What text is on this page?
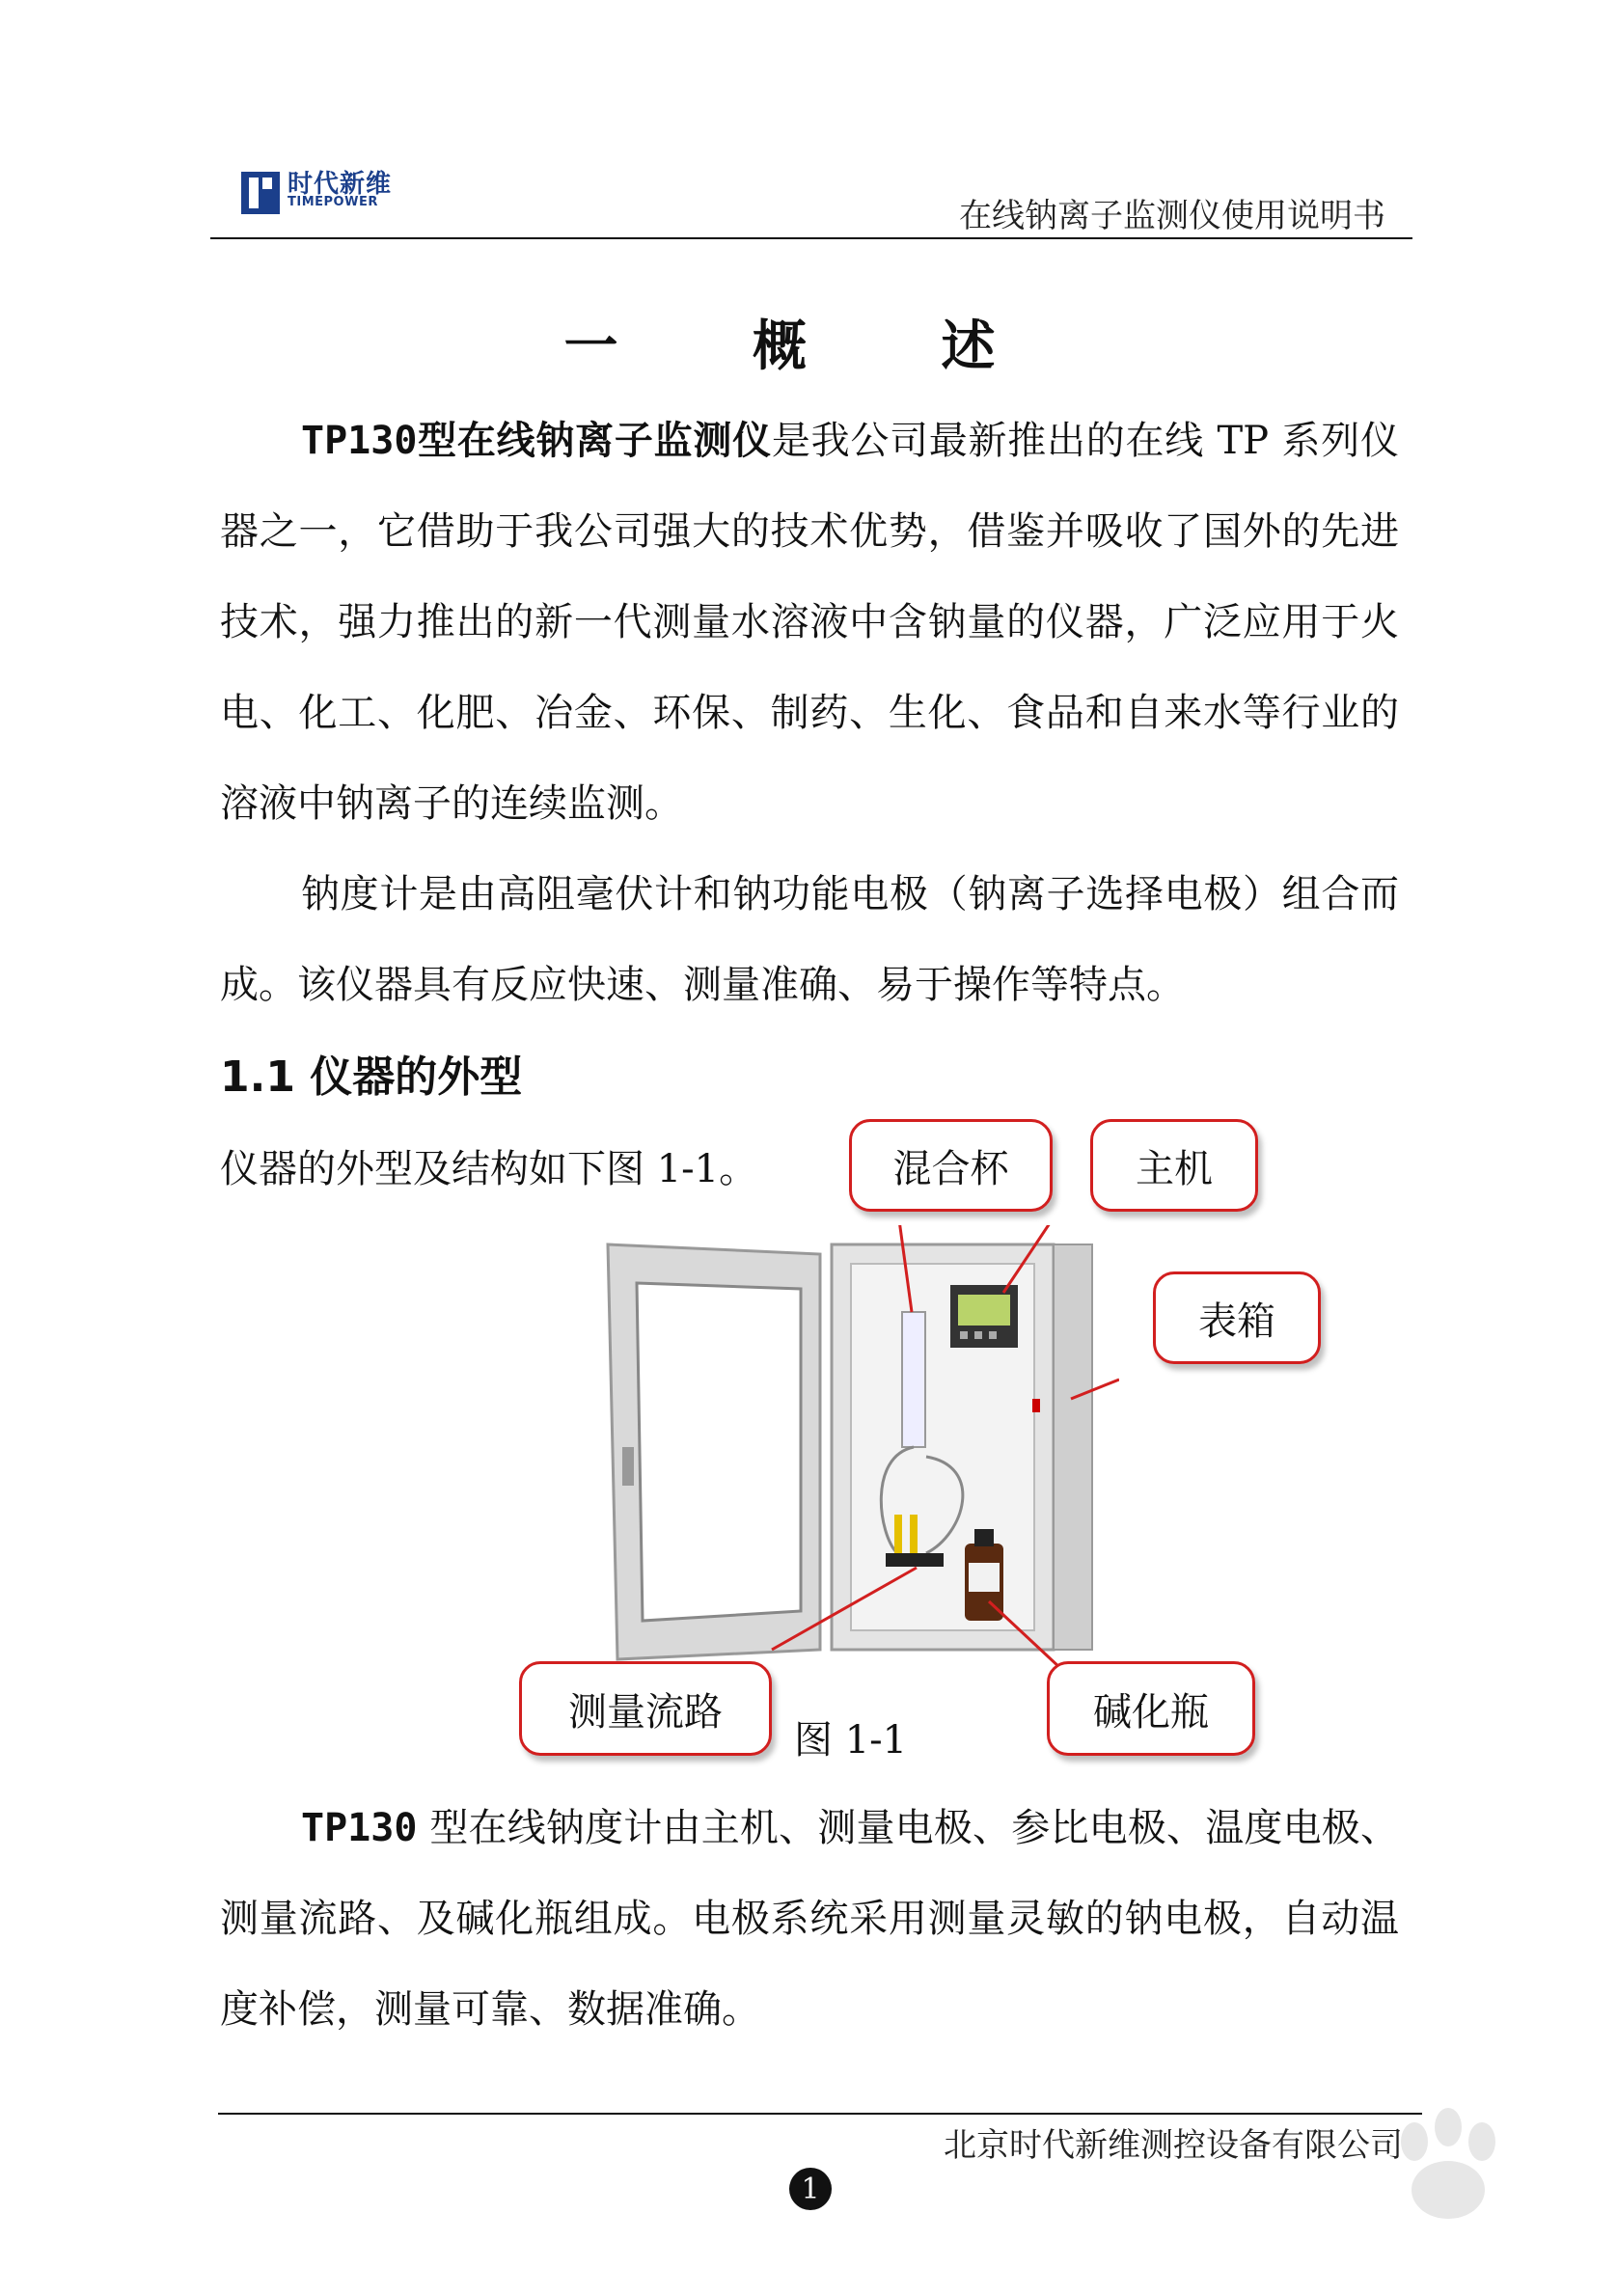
时代新维
TIMEPOWER	在线钠离子监测仪使用说明书
一 概 述
TP130型在线钠离子监测仪是我公司最新推出的在线 TP 系列仪器之一，它借助于我公司强大的技术优势，借鉴并吸收了国外的先进技术，强力推出的新一代测量水溶液中含钠量的仪器，广泛应用于火电、化工、化肥、冶金、环保、制药、生化、食品和自来水等行业的溶液中钠离子的连续监测。
钠度计是由高阻毫伏计和钠功能电极（钠离子选择电极）组合而成。该仪器具有反应快速、测量准确、易于操作等特点。
1.1 仪器的外型
仪器的外型及结构如下图 1-1。	混合杯	主机
表箱
测量流路	碱化瓶
图 1-1
TP130 型在线钠度计由主机、测量电极、参比电极、温度电极、测量流路、及碱化瓶组成。电极系统采用测量灵敏的钠电极，自动温度补偿，测量可靠、数据准确。
北京时代新维测控设备有限公司
1
